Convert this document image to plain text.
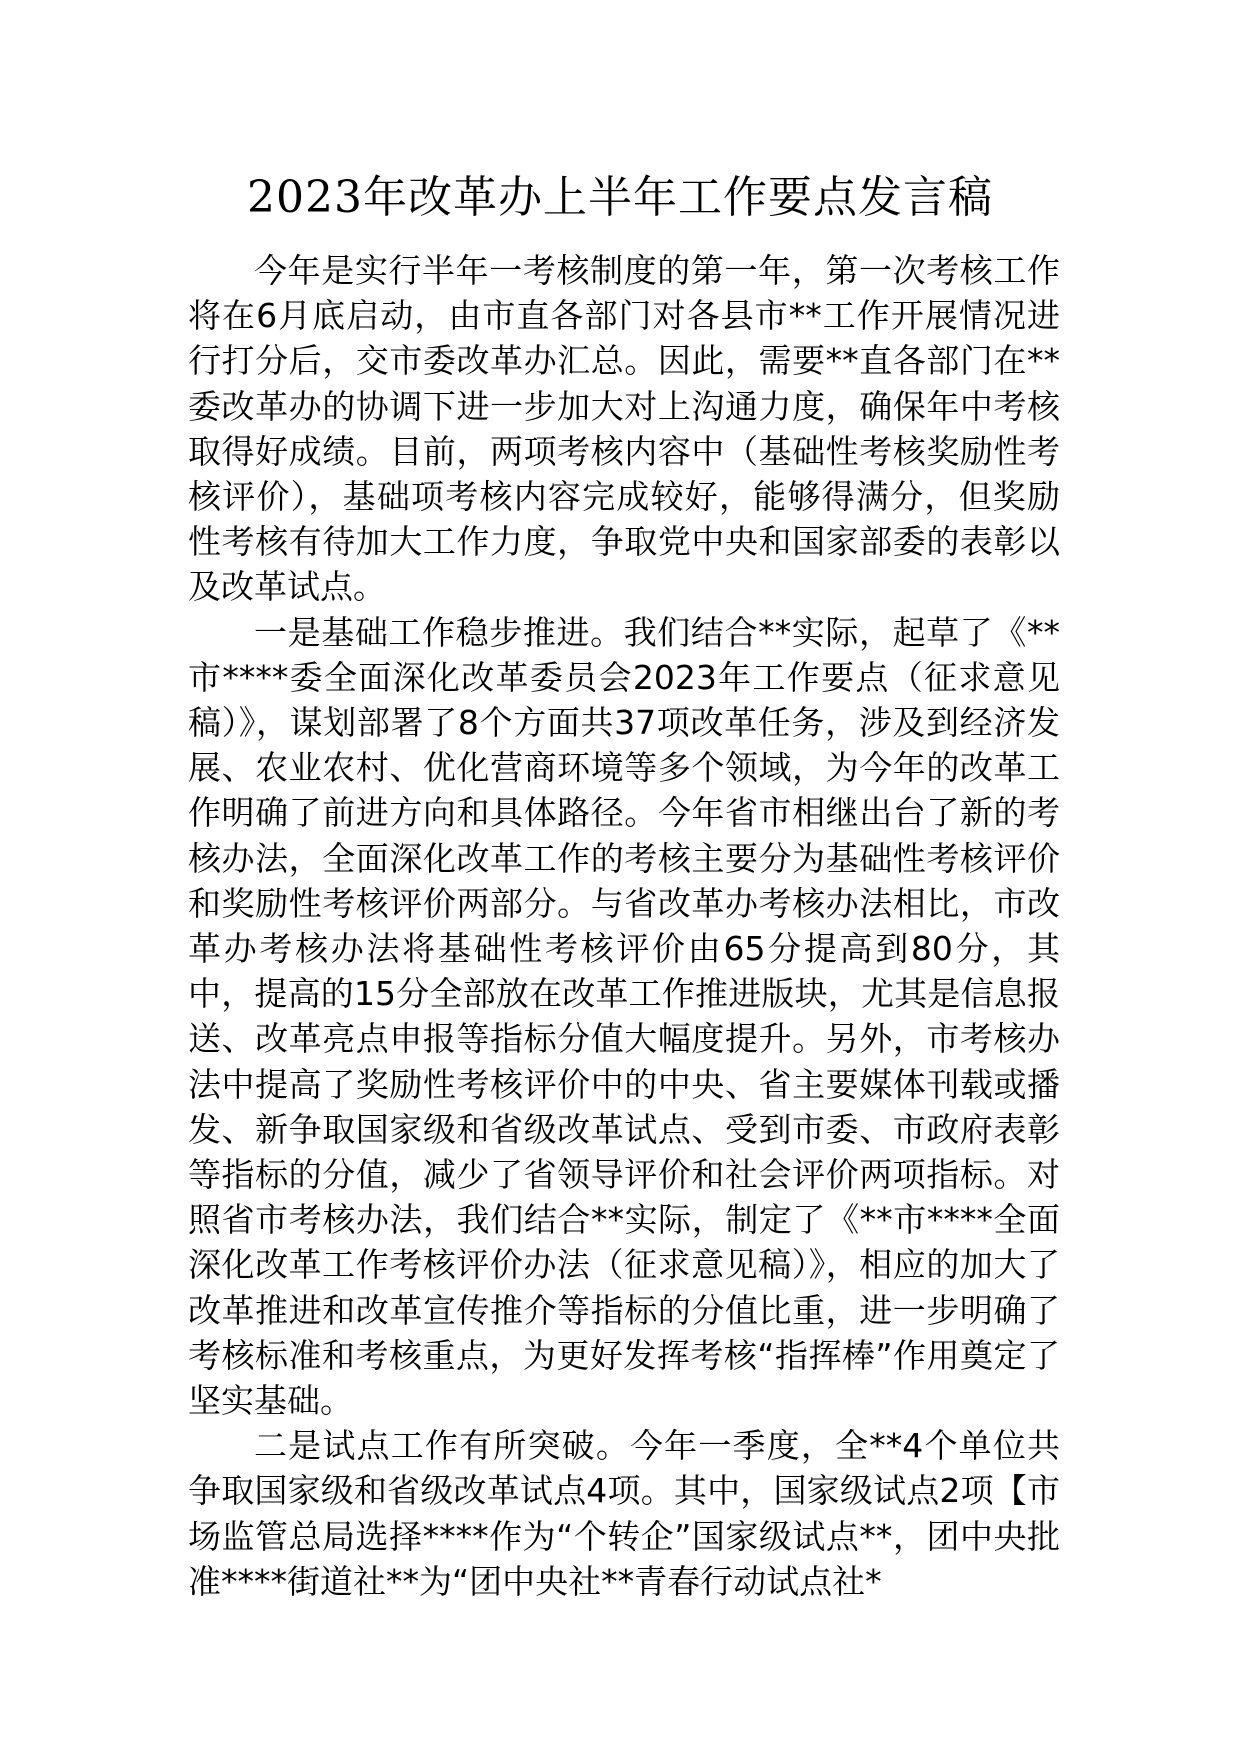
2023年改革办上半年工作要点发言稿

今年是实行半年一考核制度的第一年，第一次考核工作将在6月底启动，由市直各部门对各县市**工作开展情况进行打分后，交市委改革办汇总。因此，需要**直各部门在**委改革办的协调下进一步加大对上沟通力度，确保年中考核取得好成绩。目前，两项考核内容中（基础性考核奖励性考核评价），基础项考核内容完成较好，能够得满分，但奖励性考核有待加大工作力度，争取党中央和国家部委的表彰以及改革试点。

一是基础工作稳步推进。我们结合**实际，起草了《**市****委全面深化改革委员会2023年工作要点（征求意见稿）》，谋划部署了8个方面共37项改革任务，涉及到经济发展、农业农村、优化营商环境等多个领域，为今年的改革工作明确了前进方向和具体路径。今年省市相继出台了新的考核办法，全面深化改革工作的考核主要分为基础性考核评价和奖励性考核评价两部分。与省改革办考核办法相比，市改革办考核办法将基础性考核评价由65分提高到80分，其中，提高的15分全部放在改革工作推进版块，尤其是信息报送、改革亮点申报等指标分值大幅度提升。另外，市考核办法中提高了奖励性考核评价中的中央、省主要媒体刊载或播发、新争取国家级和省级改革试点、受到市委、市政府表彰等指标的分值，减少了省领导评价和社会评价两项指标。对照省市考核办法，我们结合**实际，制定了《**市****全面深化改革工作考核评价办法（征求意见稿）》，相应的加大了改革推进和改革宣传推介等指标的分值比重，进一步明确了考核标准和考核重点，为更好发挥考核“指挥棒”作用奠定了坚实基础。

二是试点工作有所突破。今年一季度，全**4个单位共争取国家级和省级改革试点4项。其中，国家级试点2项【市场监管总局选择****作为“个转企”国家级试点**，团中央批准****街道社**为“团中央社**青春行动试点社*
